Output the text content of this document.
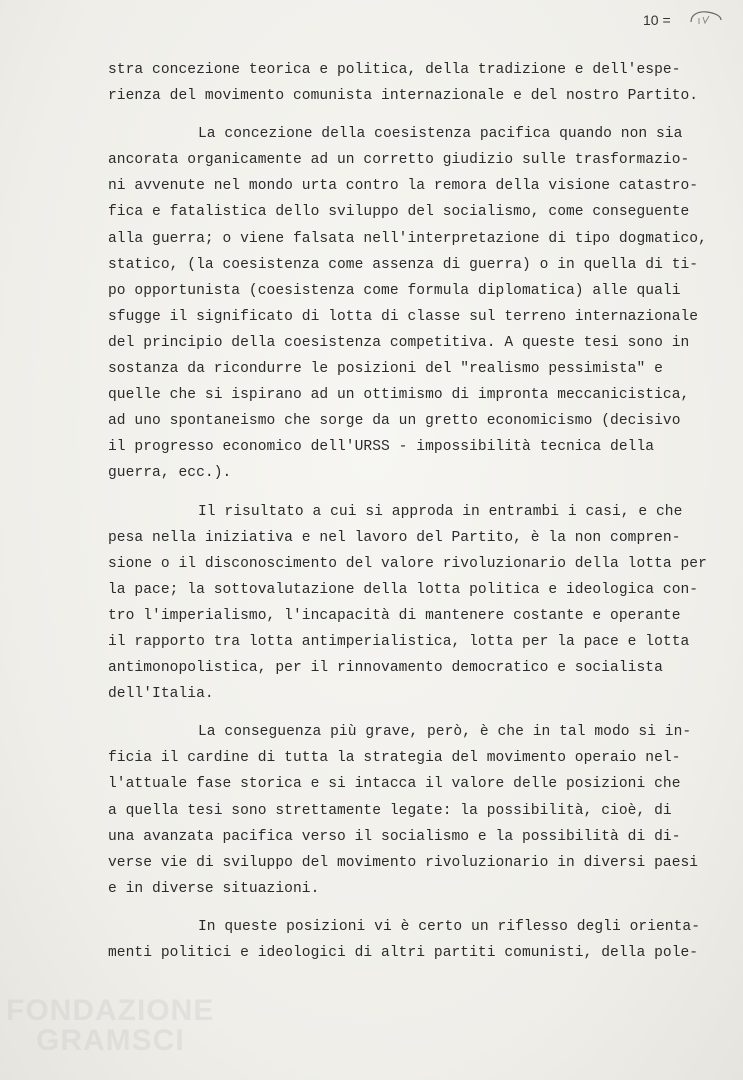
10 =
stra concezione teorica e politica, della tradizione e dell'espe-
rienza del movimento comunista internazionale e del nostro Partito.
La concezione della coesistenza pacifica quando non sia
ancorata organicamente ad un corretto giudizio sulle trasformazio-
ni avvenute nel mondo urta contro la remora della visione catastro-
fica e fatalistica dello sviluppo del socialismo, come conseguente
alla guerra; o viene falsata nell'interpretazione di tipo dogmatico,
statico, (la coesistenza come assenza di guerra) o in quella di ti-
po opportunista (coesistenza come formula diplomatica) alle quali
sfugge il significato di lotta di classe sul terreno internazionale
del principio della coesistenza competitiva. A queste tesi sono in
sostanza da ricondurre le posizioni del "realismo pessimista" e
quelle che si ispirano ad un ottimismo di impronta meccanicistica,
ad uno spontaneismo che sorge da un gretto economicismo (decisivo
il progresso economico dell'URSS - impossibilità tecnica della
guerra, ecc.).
Il risultato a cui si approda in entrambi i casi, e che
pesa nella iniziativa e nel lavoro del Partito, è la non compren-
sione o il disconoscimento del valore rivoluzionario della lotta per
la pace; la sottovalutazione della lotta politica e ideologica con-
tro l'imperialismo, l'incapacità di mantenere costante e operante
il rapporto tra lotta antimperialistica, lotta per la pace e lotta
antimonopolistica, per il rinnovamento democratico e socialista
dell'Italia.
La conseguenza più grave, però, è che in tal modo si in-
ficia il cardine di tutta la strategia del movimento operaio nel-
l'attuale fase storica e si intacca il valore delle posizioni che
a quella tesi sono strettamente legate: la possibilità, cioè, di
una avanzata pacifica verso il socialismo e la possibilità di di-
verse vie di sviluppo del movimento rivoluzionario in diversi paesi
e in diverse situazioni.
In queste posizioni vi è certo un riflesso degli orienta-
menti politici e ideologici di altri partiti comunisti, della pole-
FONDAZIONE
GRAMSCI
